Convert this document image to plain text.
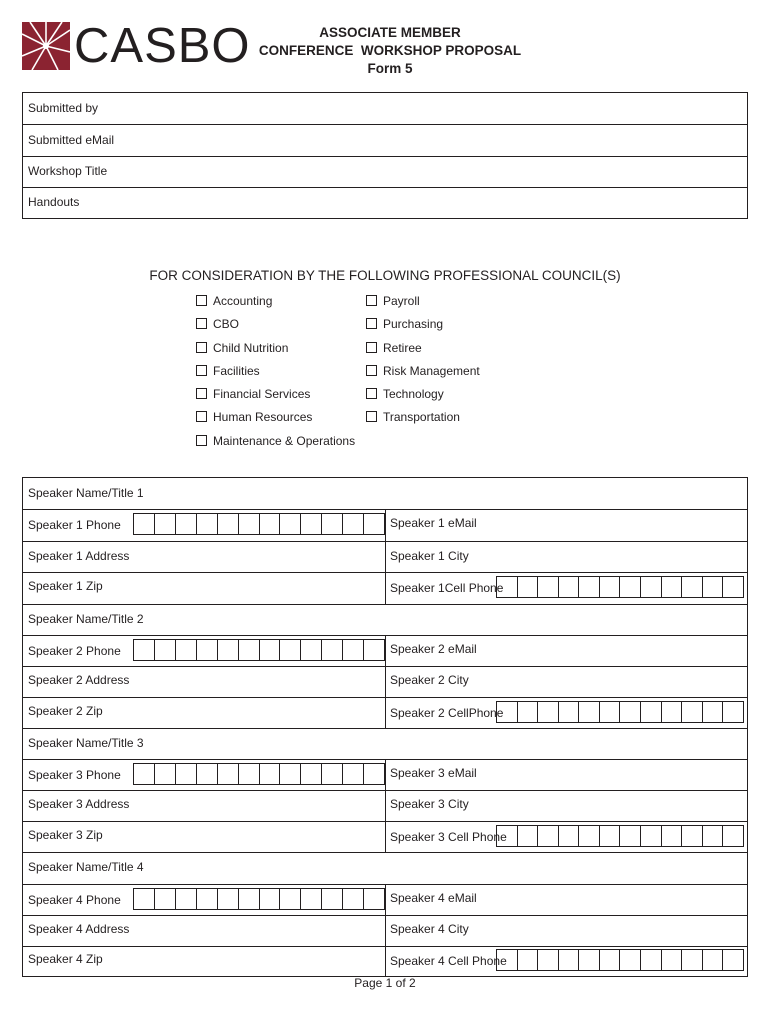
CASBO	ASSOCIATE MEMBER
CONFERENCE  WORKSHOP PROPOSAL
Form 5
Submitted by
Submitted eMail
Workshop Title
Handouts
FOR CONSIDERATION BY THE FOLLOWING PROFESSIONAL COUNCIL(S)
Accounting
CBO
Child Nutrition
Facilities
Financial Services
Human Resources
Maintenance & Operations
Payroll
Purchasing
Retiree
Risk Management
Technology
Transportation
Speaker Name/Title 1
Speaker 1 Phone	Speaker 1 eMail
Speaker 1 Address	Speaker 1 City
Speaker 1 Zip	Speaker 1Cell Phone
Speaker Name/Title 2
Speaker 2 Phone	Speaker 2 eMail
Speaker 2 Address	Speaker 2 City
Speaker 2 Zip	Speaker 2 CellPhone
Speaker Name/Title 3
Speaker 3 Phone	Speaker 3 eMail
Speaker 3 Address	Speaker 3 City
Speaker 3 Zip	Speaker 3 Cell Phone
Speaker Name/Title 4
Speaker 4 Phone	Speaker 4 eMail
Speaker 4 Address	Speaker 4 City
Speaker 4 Zip	Speaker 4 Cell Phone
Page 1 of 2
